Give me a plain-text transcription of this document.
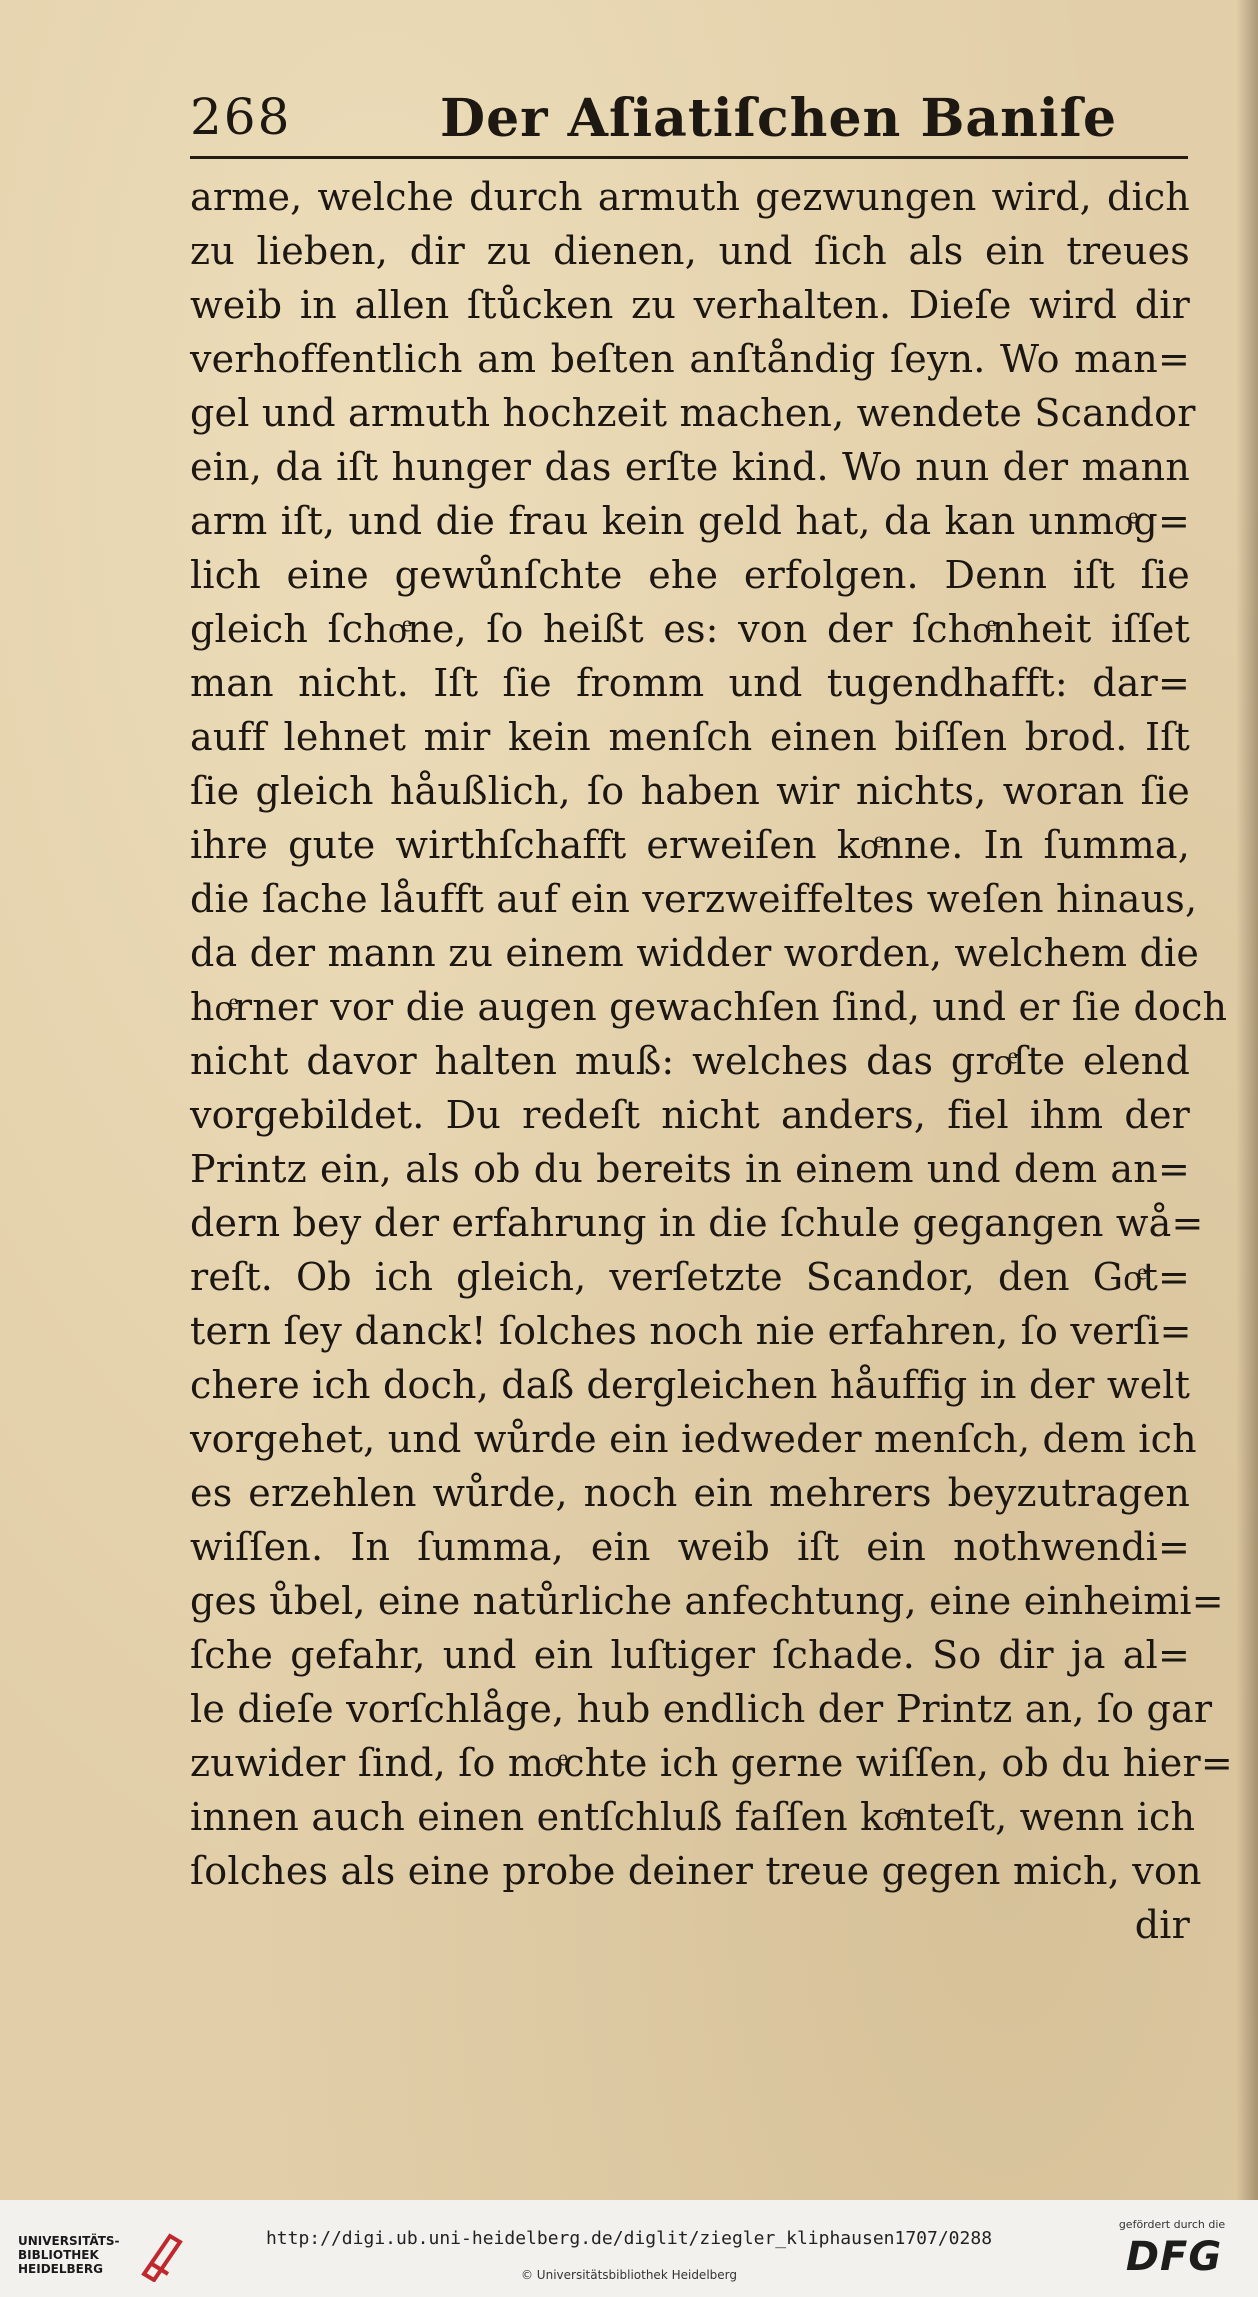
268	Der Aſiatiſchen Baniſe
arme, welche durch armuth gezwungen wird, dich
zu lieben, dir zu dienen, und ſich als ein treues
weib in allen ſtůcken zu verhalten. Dieſe wird dir
verhoffentlich am beſten anſtåndig ſeyn. Wo man=
gel und armuth hochzeit machen, wendete Scandor
ein, da iſt hunger das erſte kind. Wo nun der mann
arm iſt, und die frau kein geld hat, da kan unmoͤg=
lich eine gewůnſchte ehe erfolgen. Denn iſt ſie
gleich ſchoͤne, ſo heißt es: von der ſchoͤnheit iſſet
man nicht. Iſt ſie fromm und tugendhafft: dar=
auff lehnet mir kein menſch einen biſſen brod. Iſt
ſie gleich håußlich, ſo haben wir nichts, woran ſie
ihre gute wirthſchafft erweiſen koͤnne. In ſumma,
die ſache låufft auf ein verzweiffeltes weſen hinaus,
da der mann zu einem widder worden, welchem die
hoͤrner vor die augen gewachſen ſind, und er ſie doch
nicht davor halten muß: welches das groͤſte elend
vorgebildet. Du redeſt nicht anders, fiel ihm der
Printz ein, als ob du bereits in einem und dem an=
dern bey der erfahrung in die ſchule gegangen wå=
reſt. Ob ich gleich, verſetzte Scandor, den Goͤt=
tern ſey danck! ſolches noch nie erfahren, ſo verſi=
chere ich doch, daß dergleichen håuffig in der welt
vorgehet, und wůrde ein iedweder menſch, dem ich
es erzehlen wůrde, noch ein mehrers beyzutragen
wiſſen. In ſumma, ein weib iſt ein nothwendi=
ges ůbel, eine natůrliche anfechtung, eine einheimi=
ſche gefahr, und ein luſtiger ſchade. So dir ja al=
le dieſe vorſchlåge, hub endlich der Printz an, ſo gar
zuwider ſind, ſo moͤchte ich gerne wiſſen, ob du hier=
innen auch einen entſchluß faſſen koͤnteſt, wenn ich
ſolches als eine probe deiner treue gegen mich, von
dir
UNIVERSITÄTS-
BIBLIOTHEK
HEIDELBERG
http://digi.ub.uni-heidelberg.de/diglit/ziegler_kliphausen1707/0288
© Universitätsbibliothek Heidelberg
gefördert durch die
DFG
